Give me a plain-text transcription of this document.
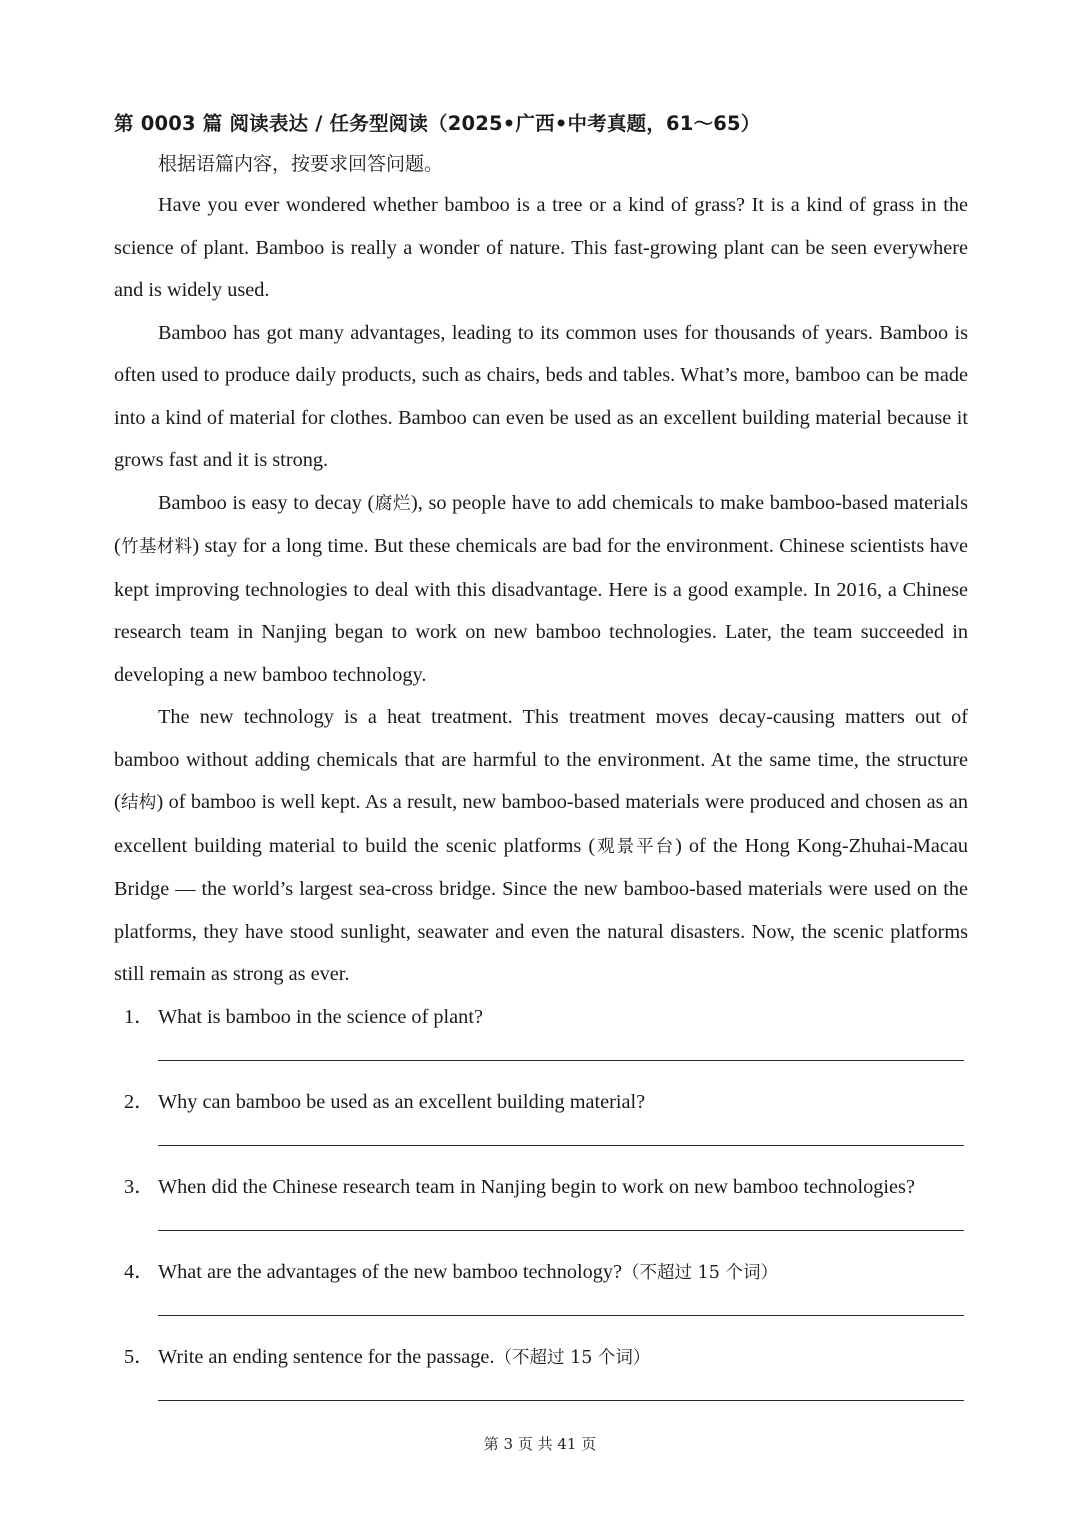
第 0003 篇 阅读表达 / 任务型阅读（2025•广西•中考真题，61～65）
根据语篇内容，按要求回答问题。

Have you ever wondered whether bamboo is a tree or a kind of grass? It is a kind of grass in the science of plant. Bamboo is really a wonder of nature. This fast-growing plant can be seen everywhere and is widely used.

Bamboo has got many advantages, leading to its common uses for thousands of years. Bamboo is often used to produce daily products, such as chairs, beds and tables. What’s more, bamboo can be made into a kind of material for clothes. Bamboo can even be used as an excellent building material because it grows fast and it is strong.

Bamboo is easy to decay (腐烂), so people have to add chemicals to make bamboo-based materials (竹基材料) stay for a long time. But these chemicals are bad for the environment. Chinese scientists have kept improving technologies to deal with this disadvantage. Here is a good example. In 2016, a Chinese research team in Nanjing began to work on new bamboo technologies. Later, the team succeeded in developing a new bamboo technology.

The new technology is a heat treatment. This treatment moves decay-causing matters out of bamboo without adding chemicals that are harmful to the environment. At the same time, the structure (结构) of bamboo is well kept. As a result, new bamboo-based materials were produced and chosen as an excellent building material to build the scenic platforms (观景平台) of the Hong Kong-Zhuhai-Macau Bridge — the world’s largest sea-cross bridge. Since the new bamboo-based materials were used on the platforms, they have stood sunlight, seawater and even the natural disasters. Now, the scenic platforms still remain as strong as ever.

1． What is bamboo in the science of plant?
2． Why can bamboo be used as an excellent building material?
3． When did the Chinese research team in Nanjing begin to work on new bamboo technologies?
4． What are the advantages of the new bamboo technology?（不超过 15 个词）
5． Write an ending sentence for the passage.（不超过 15 个词）
第 3 页 共 41 页
